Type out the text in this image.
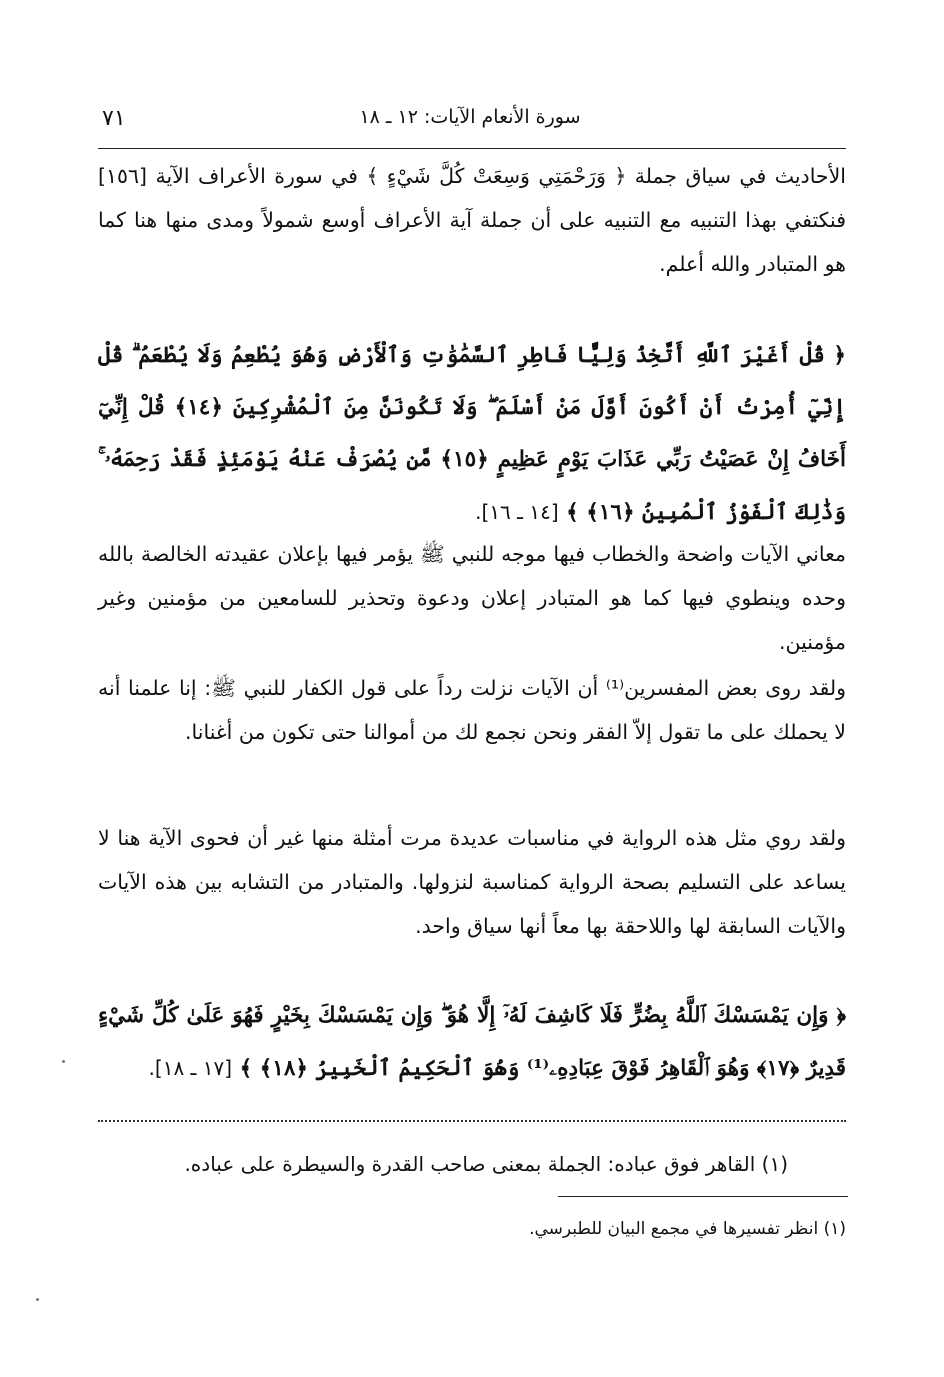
سورة الأنعام الآيات: ١٢ ـ ١٨
٧١
الأحاديث في سياق جملة ﴿ وَرَحْمَتِي وَسِعَتْ كُلَّ شَيْءٍ ﴾ في سورة الأعراف الآية [١٥٦] فنكتفي بهذا التنبيه مع التنبيه على أن جملة آية الأعراف أوسع شمولاً ومدى منها هنا كما هو المتبادر والله أعلم.
﴿ قُلْ أَغَيْرَ ٱللَّهِ أَتَّخِذُ وَلِيًّا فَاطِرِ ٱلسَّمَٰوَٰتِ وَٱلْأَرْضِ وَهُوَ يُطْعِمُ وَلَا يُطْعَمُ ۗ قُلْ إِنِّيٓ أُمِرْتُ أَنْ أَكُونَ أَوَّلَ مَنْ أَسْلَمَ ۖ وَلَا تَكُونَنَّ مِنَ ٱلْمُشْرِكِينَ ﴿١٤﴾ قُلْ إِنِّيٓ أَخَافُ إِنْ عَصَيْتُ رَبِّي عَذَابَ يَوْمٍ عَظِيمٍ ﴿١٥﴾ مَّن يُصْرَفْ عَنْهُ يَوْمَئِذٍ فَقَدْ رَحِمَهُۥ ۚ وَذَٰلِكَ ٱلْفَوْزُ ٱلْمُبِينُ ﴿١٦﴾ ﴾ [١٤ ـ ١٦].
معاني الآيات واضحة والخطاب فيها موجه للنبي ﷺ يؤمر فيها بإعلان عقيدته الخالصة بالله وحده وينطوي فيها كما هو المتبادر إعلان ودعوة وتحذير للسامعين من مؤمنين وغير مؤمنين.
ولقد روى بعض المفسرين⁽¹⁾ أن الآيات نزلت رداً على قول الكفار للنبي ﷺ: إنا علمنا أنه لا يحملك على ما تقول إلاّ الفقر ونحن نجمع لك من أموالنا حتى تكون من أغنانا.
ولقد روي مثل هذه الرواية في مناسبات عديدة مرت أمثلة منها غير أن فحوى الآية هنا لا يساعد على التسليم بصحة الرواية كمناسبة لنزولها. والمتبادر من التشابه بين هذه الآيات والآيات السابقة لها واللاحقة بها معاً أنها سياق واحد.
﴿ وَإِن يَمْسَسْكَ ٱللَّهُ بِضُرٍّ فَلَا كَاشِفَ لَهُۥٓ إِلَّا هُوَ ۖ وَإِن يَمْسَسْكَ بِخَيْرٍ فَهُوَ عَلَىٰ كُلِّ شَيْءٍ قَدِيرٌ ﴿١٧﴾ وَهُوَ ٱلْقَاهِرُ فَوْقَ عِبَادِهِۦ⁽¹⁾ وَهُوَ ٱلْحَكِيمُ ٱلْخَبِيرُ ﴿١٨﴾ ﴾ [١٧ ـ ١٨].
(١) القاهر فوق عباده: الجملة بمعنى صاحب القدرة والسيطرة على عباده.
(١) انظر تفسيرها في مجمع البيان للطبرسي.
